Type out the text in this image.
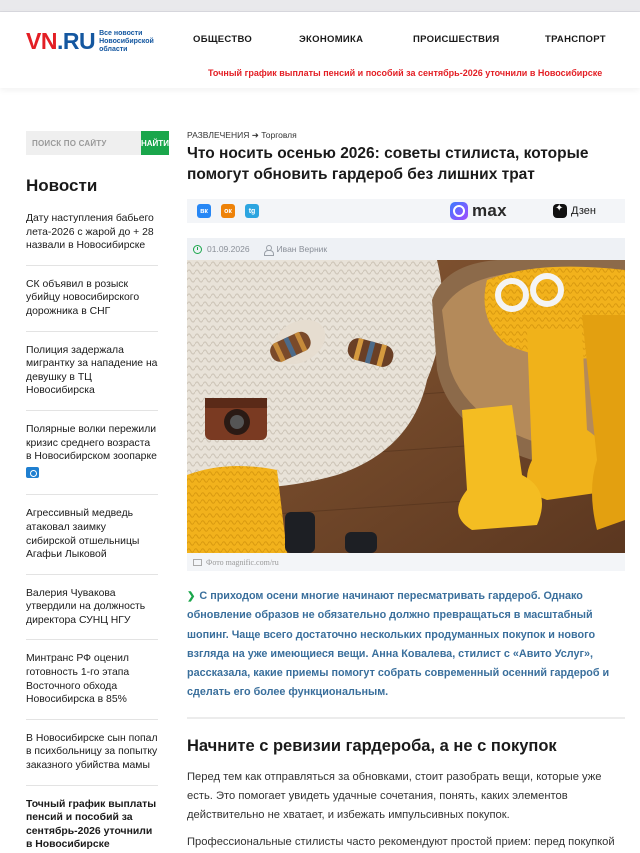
VN.RU Все новости Новосибирской области
ОБЩЕСТВО	ЭКОНОМИКА	ПРОИСШЕСТВИЯ	ТРАНСПОРТ
Точный график выплаты пенсий и пособий за сентябрь-2026 уточнили в Новосибирске
ПОИСК ПО САЙТУ
НАЙТИ
Новости
Дату наступления бабьего лета-2026 с жарой до + 28 назвали в Новосибирске
СК объявил в розыск убийцу новосибирского дорожника в СНГ
Полиция задержала мигрантку за нападение на девушку в ТЦ Новосибирска
Полярные волки пережили кризис среднего возраста в Новосибирском зоопарке

Агрессивный медведь атаковал заимку сибирской отшельницы Агафьи Лыковой
Валерия Чувакова утвердили на должность директора СУНЦ НГУ
Минтранс РФ оценил готовность 1-го этапа Восточного обхода Новосибирска в 85%
В Новосибирске сын попал в психбольницу за попытку заказного убийства мамы
Точный график выплаты пенсий и пособий за сентябрь-2026 уточнили в Новосибирске
РАЗВЛЕЧЕНИЯ ➜ Торговля
Что носить осенью 2026: советы стилиста, которые помогут обновить гардероб без лишних трат
вк	ок	tg	max
✦	Дзен
01.09.2026	Иван Верник
Фото magnific.com/ru

❯ С приходом осени многие начинают пересматривать гардероб. Однако обновление образов не обязательно должно превращаться в масштабный шопинг. Чаще всего достаточно нескольких продуманных покупок и нового взгляда на уже имеющиеся вещи. Анна Ковалева, стилист с «Авито Услуг», рассказала, какие приемы помогут собрать современный осенний гардероб и сделать его более функциональным.

Начните с ревизии гардероба, а не с покупок

Перед тем как отправляться за обновками, стоит разобрать вещи, которые уже есть. Это помогает увидеть удачные сочетания, понять, каких элементов действительно не хватает, и избежать импульсивных покупок.

Профессиональные стилисты часто рекомендуют простой прием: перед покупкой
